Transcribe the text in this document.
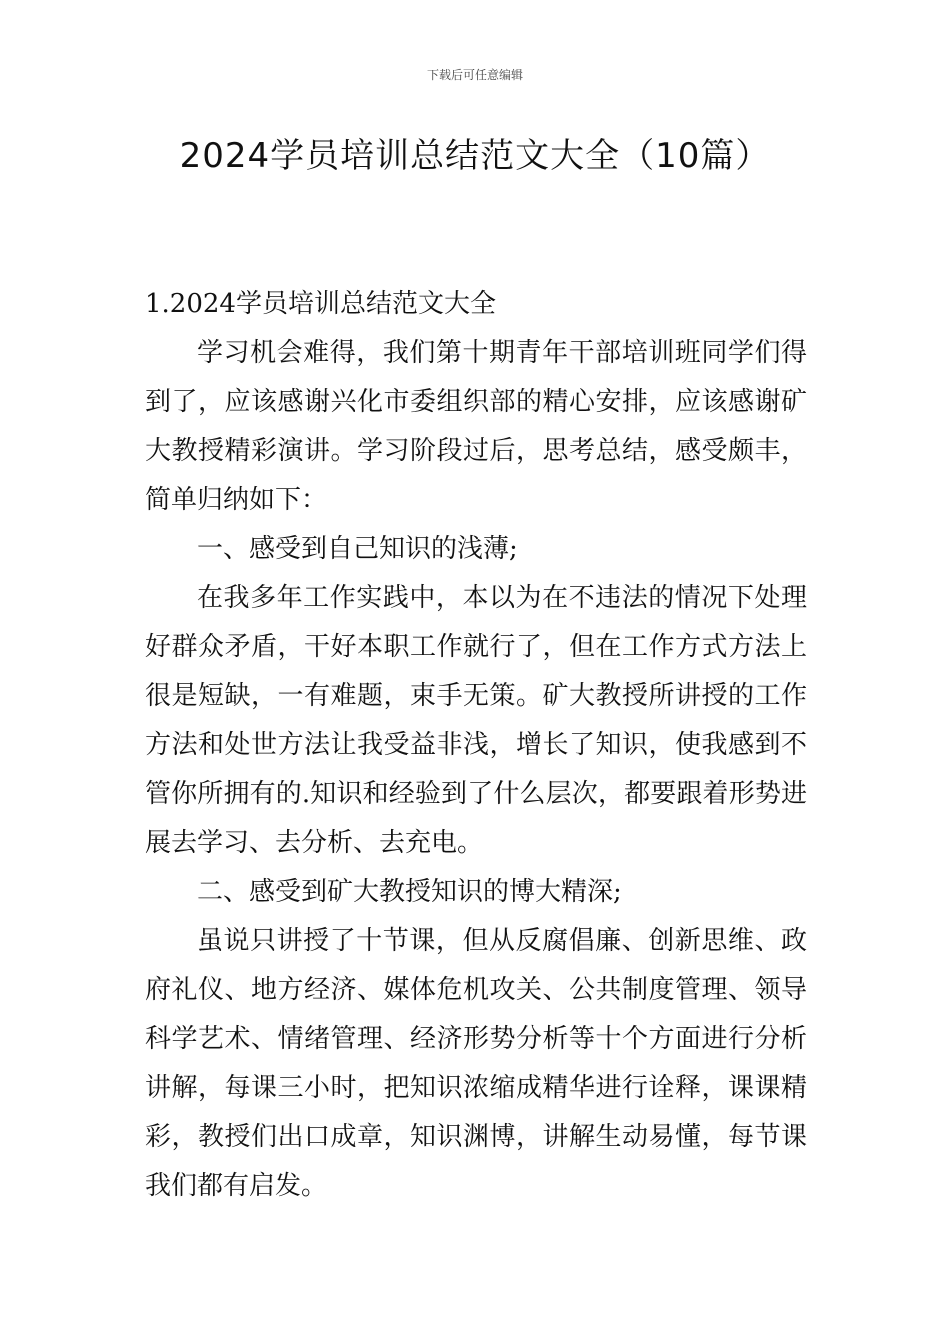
下载后可任意编辑
2024学员培训总结范文大全（10篇）

1.2024学员培训总结范文大全

学习机会难得，我们第十期青年干部培训班同学们得到了，应该感谢兴化市委组织部的精心安排，应该感谢矿大教授精彩演讲。学习阶段过后，思考总结，感受颇丰，简单归纳如下：

一、感受到自己知识的浅薄;

在我多年工作实践中，本以为在不违法的情况下处理好群众矛盾，干好本职工作就行了，但在工作方式方法上很是短缺，一有难题，束手无策。矿大教授所讲授的工作方法和处世方法让我受益非浅，增长了知识，使我感到不管你所拥有的.知识和经验到了什么层次，都要跟着形势进展去学习、去分析、去充电。

二、感受到矿大教授知识的博大精深;

虽说只讲授了十节课，但从反腐倡廉、创新思维、政府礼仪、地方经济、媒体危机攻关、公共制度管理、领导科学艺术、情绪管理、经济形势分析等十个方面进行分析讲解，每课三小时，把知识浓缩成精华进行诠释，课课精彩，教授们出口成章，知识渊博，讲解生动易懂，每节课我们都有启发。
